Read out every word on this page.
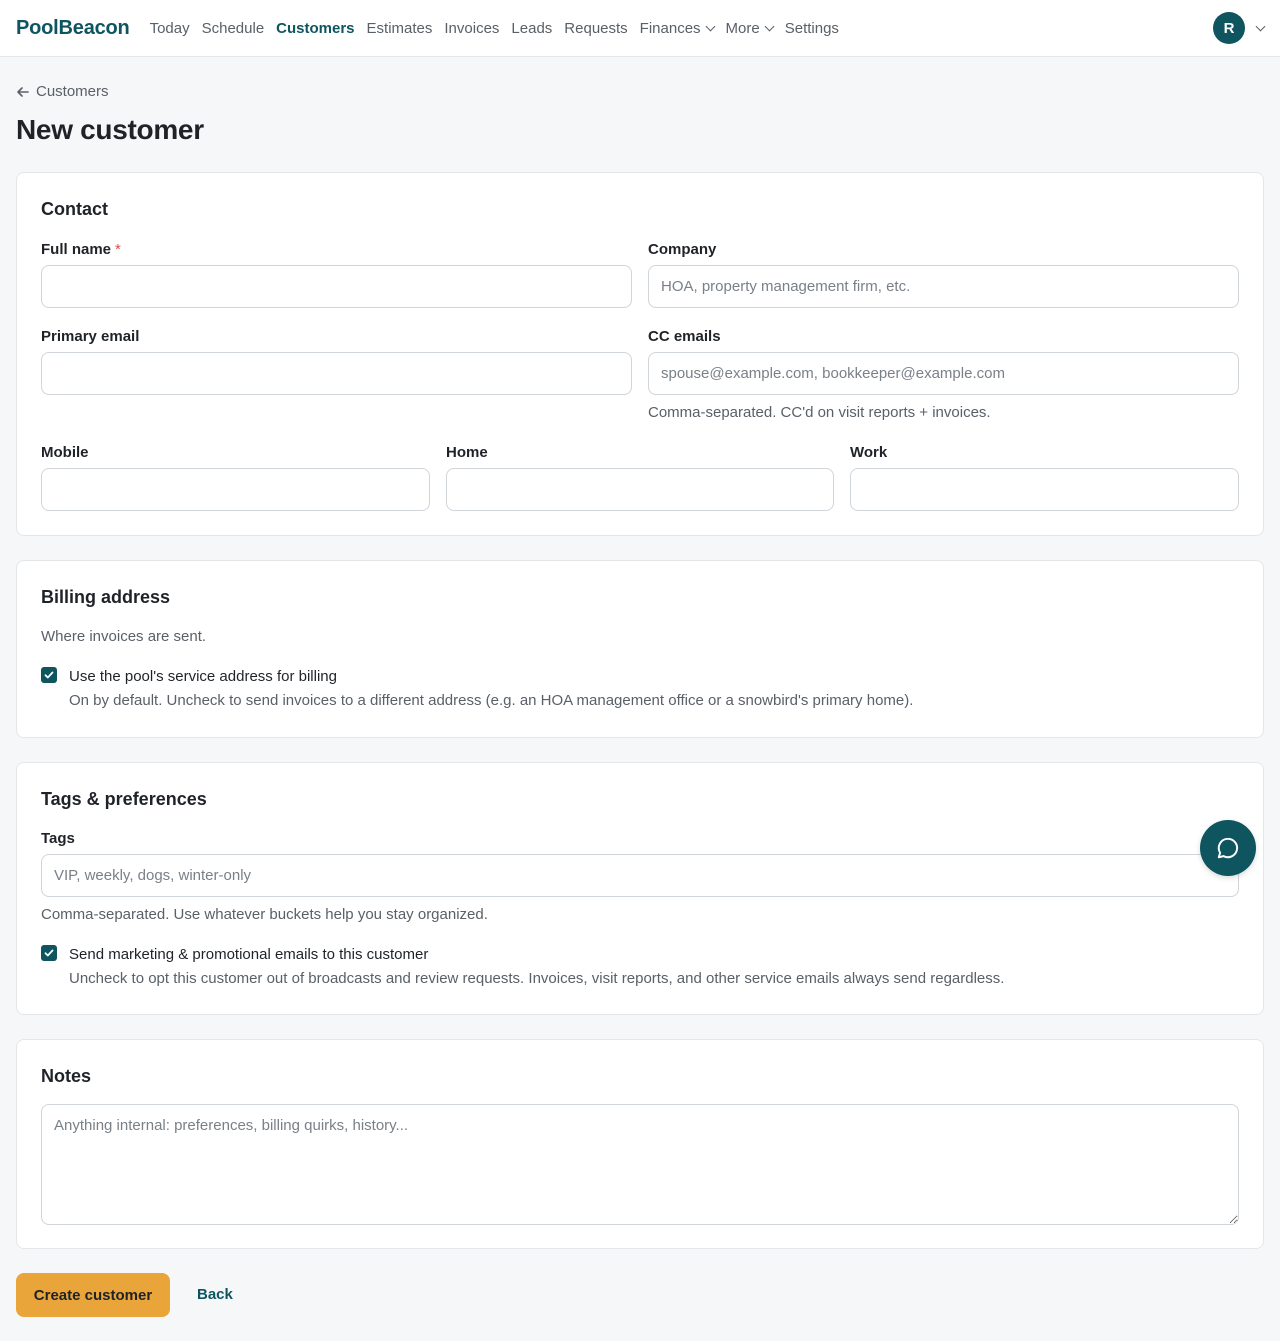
PoolBeacon Today Schedule Customers Estimates Invoices Leads Requests Finances More Settings	R
Customers
New customer
Contact
Full name *	Company
HOA, property management firm, etc.
Primary email	CC emails
spouse@example.com, bookkeeper@example.com
Comma-separated. CC'd on visit reports + invoices.
Mobile	Home	Work
Billing address
Where invoices are sent.
Use the pool's service address for billing
On by default. Uncheck to send invoices to a different address (e.g. an HOA management office or a snowbird's primary home).
Tags & preferences
Tags
VIP, weekly, dogs, winter-only
Comma-separated. Use whatever buckets help you stay organized.
Send marketing & promotional emails to this customer
Uncheck to opt this customer out of broadcasts and review requests. Invoices, visit reports, and other service emails always send regardless.
Notes
Anything internal: preferences, billing quirks, history...
Create customer	Back
